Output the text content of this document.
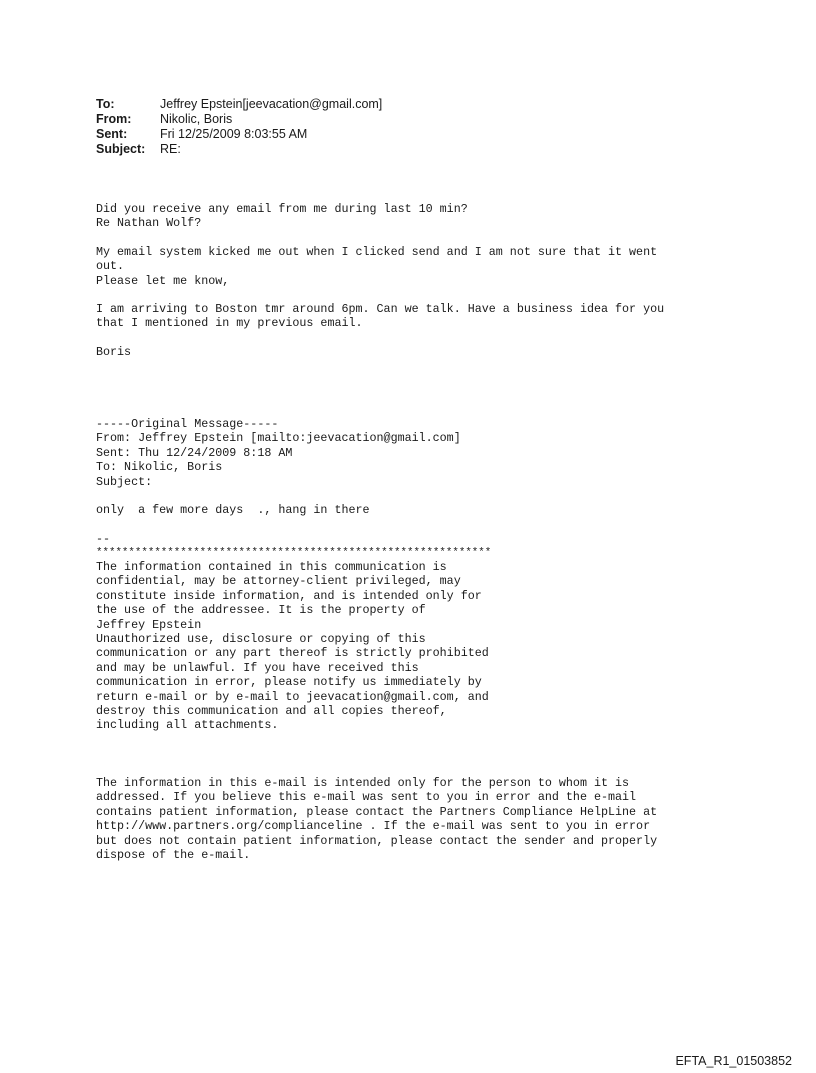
To:	Jeffrey Epstein[jeevacation@gmail.com]
From:	Nikolic, Boris
Sent:	Fri 12/25/2009 8:03:55 AM
Subject:	RE:
Did you receive any email from me during last 10 min?
Re Nathan Wolf?
My email system kicked me out when I clicked send and I am not sure that it went
out.
Please let me know,
I am arriving to Boston tmr around 6pm. Can we talk. Have a business idea for you
that I mentioned in my previous email.
Boris
-----Original Message-----
From: Jeffrey Epstein [mailto:jeevacation@gmail.com]
Sent: Thu 12/24/2009 8:18 AM
To: Nikolic, Boris
Subject:
only  a few more days  ., hang in there
--
*************************************************************
The information contained in this communication is
confidential, may be attorney-client privileged, may
constitute inside information, and is intended only for
the use of the addressee. It is the property of
Jeffrey Epstein
Unauthorized use, disclosure or copying of this
communication or any part thereof is strictly prohibited
and may be unlawful. If you have received this
communication in error, please notify us immediately by
return e-mail or by e-mail to jeevacation@gmail.com, and
destroy this communication and all copies thereof,
including all attachments.
The information in this e-mail is intended only for the person to whom it is
addressed. If you believe this e-mail was sent to you in error and the e-mail
contains patient information, please contact the Partners Compliance HelpLine at
http://www.partners.org/complianceline . If the e-mail was sent to you in error
but does not contain patient information, please contact the sender and properly
dispose of the e-mail.
EFTA_R1_01503852
